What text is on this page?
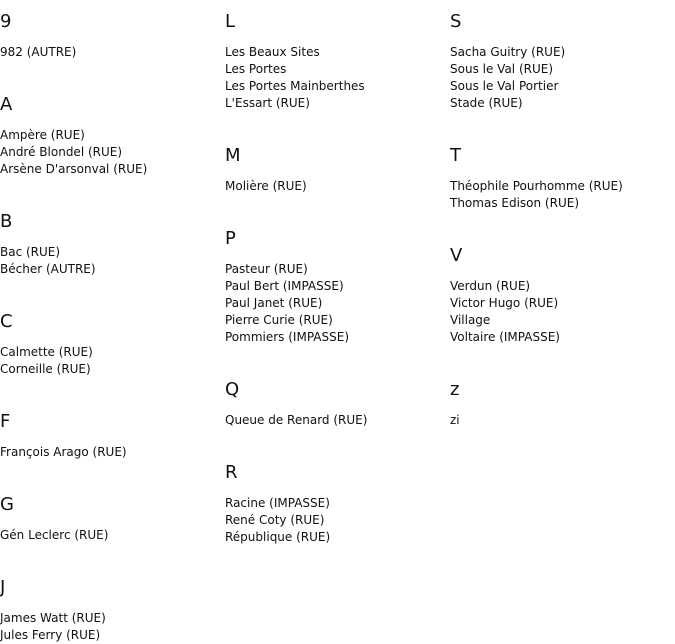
9
982 (AUTRE)
A
Ampère (RUE)
André Blondel (RUE)
Arsène D'arsonval (RUE)
B
Bac (RUE)
Bécher (AUTRE)
C
Calmette (RUE)
Corneille (RUE)
F
François Arago (RUE)
G
Gén Leclerc (RUE)
J
James Watt (RUE)
Jules Ferry (RUE)
L
Les Beaux Sites
Les Portes
Les Portes Mainberthes
L'Essart (RUE)
M
Molière (RUE)
P
Pasteur (RUE)
Paul Bert (IMPASSE)
Paul Janet (RUE)
Pierre Curie (RUE)
Pommiers (IMPASSE)
Q
Queue de Renard (RUE)
R
Racine (IMPASSE)
René Coty (RUE)
République (RUE)
S
Sacha Guitry (RUE)
Sous le Val (RUE)
Sous le Val Portier
Stade (RUE)
T
Théophile Pourhomme (RUE)
Thomas Edison (RUE)
V
Verdun (RUE)
Victor Hugo (RUE)
Village
Voltaire (IMPASSE)
z
zi
